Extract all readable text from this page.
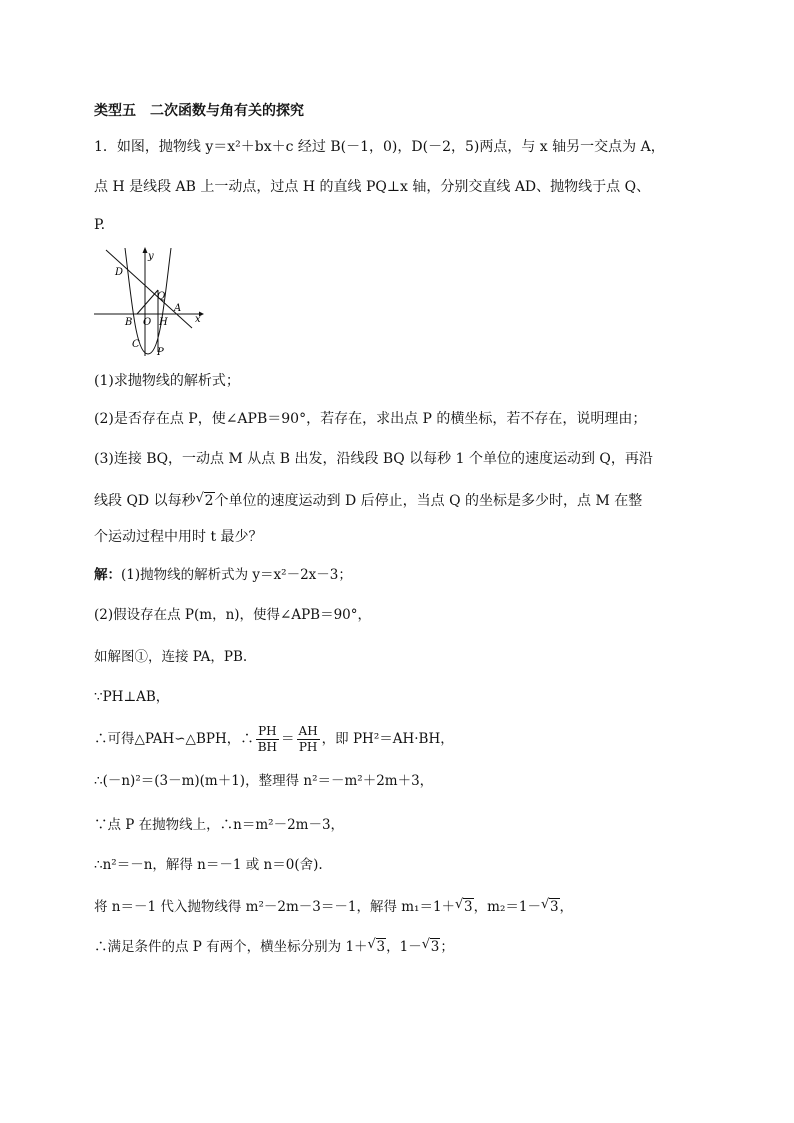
类型五　二次函数与角有关的探究
1．如图，抛物线 y＝x²＋bx＋c 经过 B(－1，0)，D(－2，5)两点，与 x 轴另一交点为 A，
点 H 是线段 AB 上一动点，过点 H 的直线 PQ⊥x 轴，分别交直线 AD、抛物线于点 Q、
P.
D
y
Q
A
B O H	x
C
P
(1)求抛物线的解析式；
(2)是否存在点 P，使∠APB＝90°，若存在，求出点 P 的横坐标，若不存在，说明理由；
(3)连接 BQ，一动点 M 从点 B 出发，沿线段 BQ 以每秒 1 个单位的速度运动到 Q，再沿
线段 QD 以每秒 √ 2个单位的速度运动到 D 后停止，当点 Q 的坐标是多少时，点 M 在整
个运动过程中用时 t 最少？
解：(1)抛物线的解析式为 y＝x²－2x－3；
(2)假设存在点 P(m，n)，使得∠APB＝90°，
如解图①，连接 PA，PB.
∵PH⊥AB，
∴可得△PAH∽△BPH，∴ $\frac{PH}{BH} = \frac{AH}{PH}$ ，即 PH²＝AH·BH，
∴(－n)²＝(3－m)(m＋1)，整理得 n²＝－m²＋2m＋3，
∵点 P 在抛物线上，∴n＝m²－2m－3，
∴n²＝－n，解得 n＝－1 或 n＝0(舍).
将 n＝－1 代入抛物线得 m²－2m－3＝－1，解得 m₁＝1＋ √ 3，m₂＝1－ √ 3，
∴满足条件的点 P 有两个，横坐标分别为 1＋ √ 3，1－ √ 3；
